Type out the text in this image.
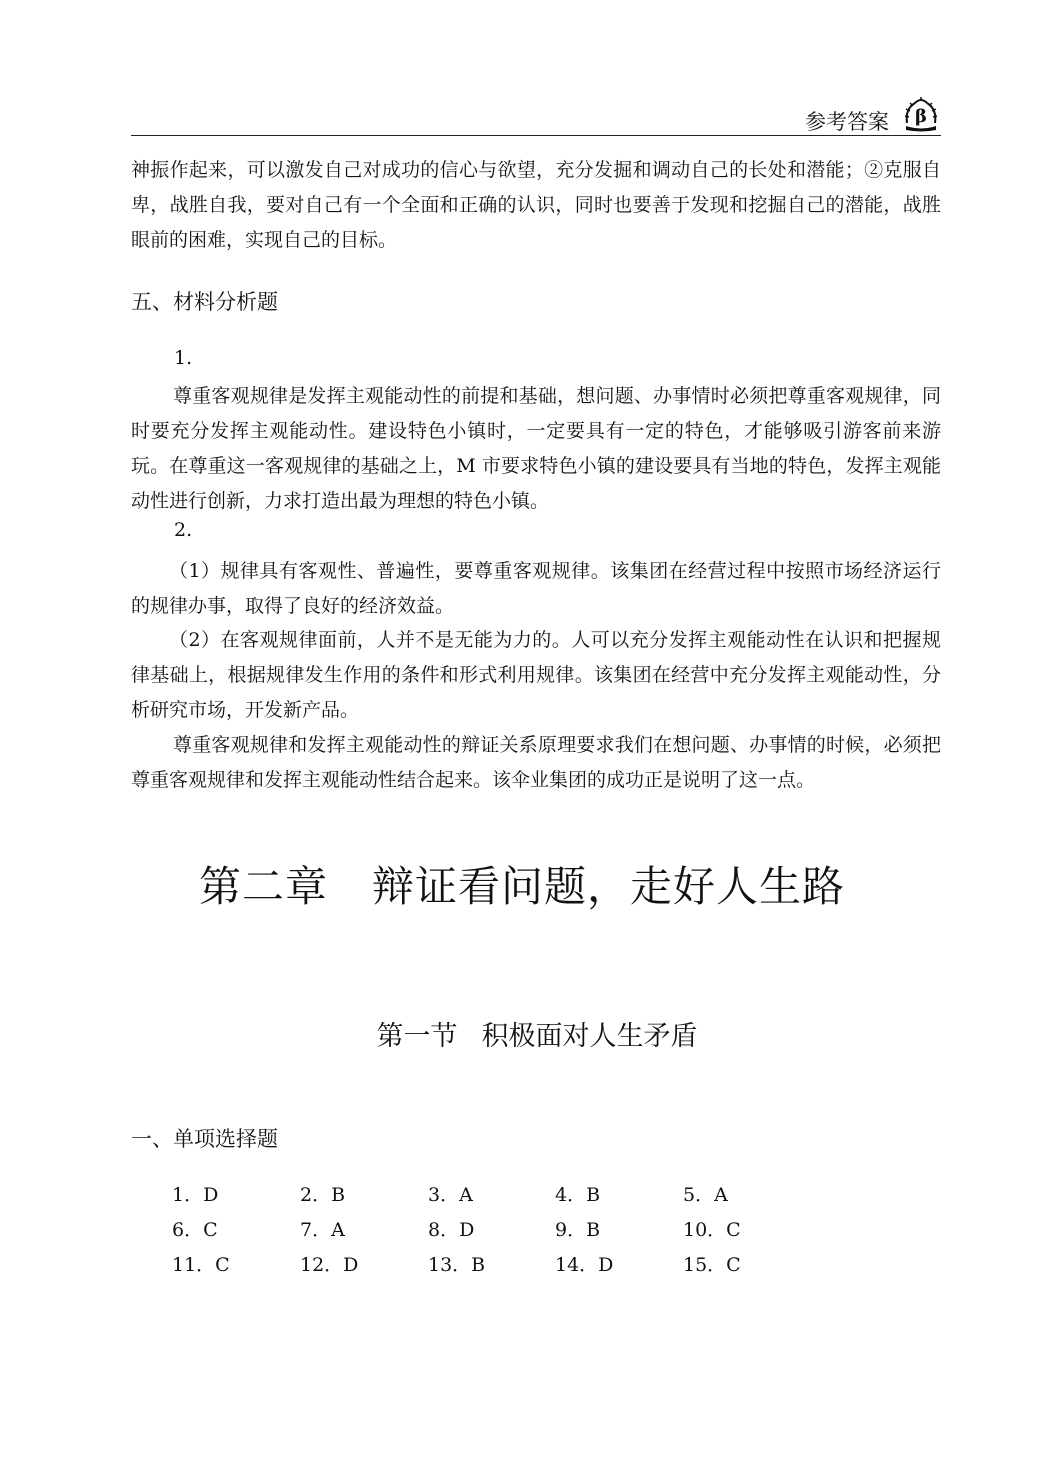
参考答案 β

神振作起来，可以激发自己对成功的信心与欲望，充分发掘和调动自己的长处和潜能；②克服自卑，战胜自我，要对自己有一个全面和正确的认识，同时也要善于发现和挖掘自己的潜能，战胜眼前的困难，实现自己的目标。

五、材料分析题
1.

尊重客观规律是发挥主观能动性的前提和基础，想问题、办事情时必须把尊重客观规律，同时要充分发挥主观能动性。建设特色小镇时，一定要具有一定的特色，才能够吸引游客前来游玩。在尊重这一客观规律的基础之上，M 市要求特色小镇的建设要具有当地的特色，发挥主观能动性进行创新，力求打造出最为理想的特色小镇。

2.

（1）规律具有客观性、普遍性，要尊重客观规律。该集团在经营过程中按照市场经济运行的规律办事，取得了良好的经济效益。

（2）在客观规律面前，人并不是无能为力的。人可以充分发挥主观能动性在认识和把握规律基础上，根据规律发生作用的条件和形式利用规律。该集团在经营中充分发挥主观能动性，分析研究市场，开发新产品。

尊重客观规律和发挥主观能动性的辩证关系原理要求我们在想问题、办事情的时候，必须把尊重客观规律和发挥主观能动性结合起来。该伞业集团的成功正是说明了这一点。

第二章 辩证看问题，走好人生路
第一节 积极面对人生矛盾
一、单项选择题
1．D	2．B	3．A	4．B	5．A
6．C	7．A	8．D	9．B	10．C
11．C	12．D	13．B	14．D	15．C
